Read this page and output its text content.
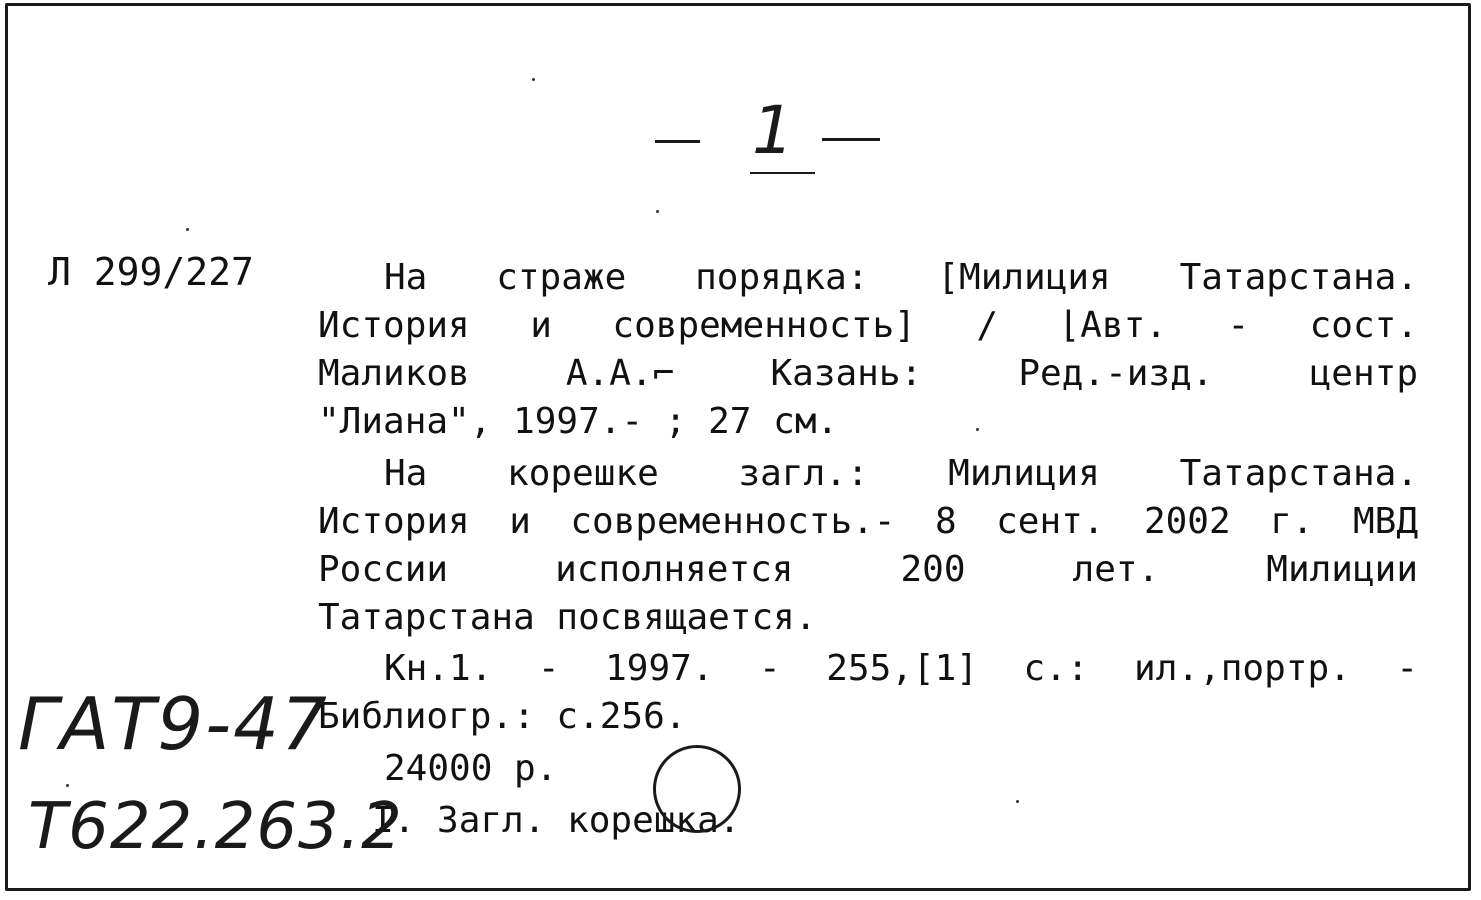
1
Л 299/227	На страже порядка: [Милиция Татарстана.
История и современность] / ⌊Авт. - сост.
Маликов А.А.⌐ Казань: Ред.-изд. центр
"Лиана", 1997.- ; 27 см.
На корешке загл.: Милиция Татарстана.
История и современность.- 8 сент. 2002 г. МВД
России исполняется 200 лет. Милиции
Татарстана посвящается.
Кн.1. - 1997. - 255,[1] с.: ил.,портр. -
Библиогр.: с.256.
24000 р.
I. Загл. корешка.
ГАТ9-47
Т622.263.2
